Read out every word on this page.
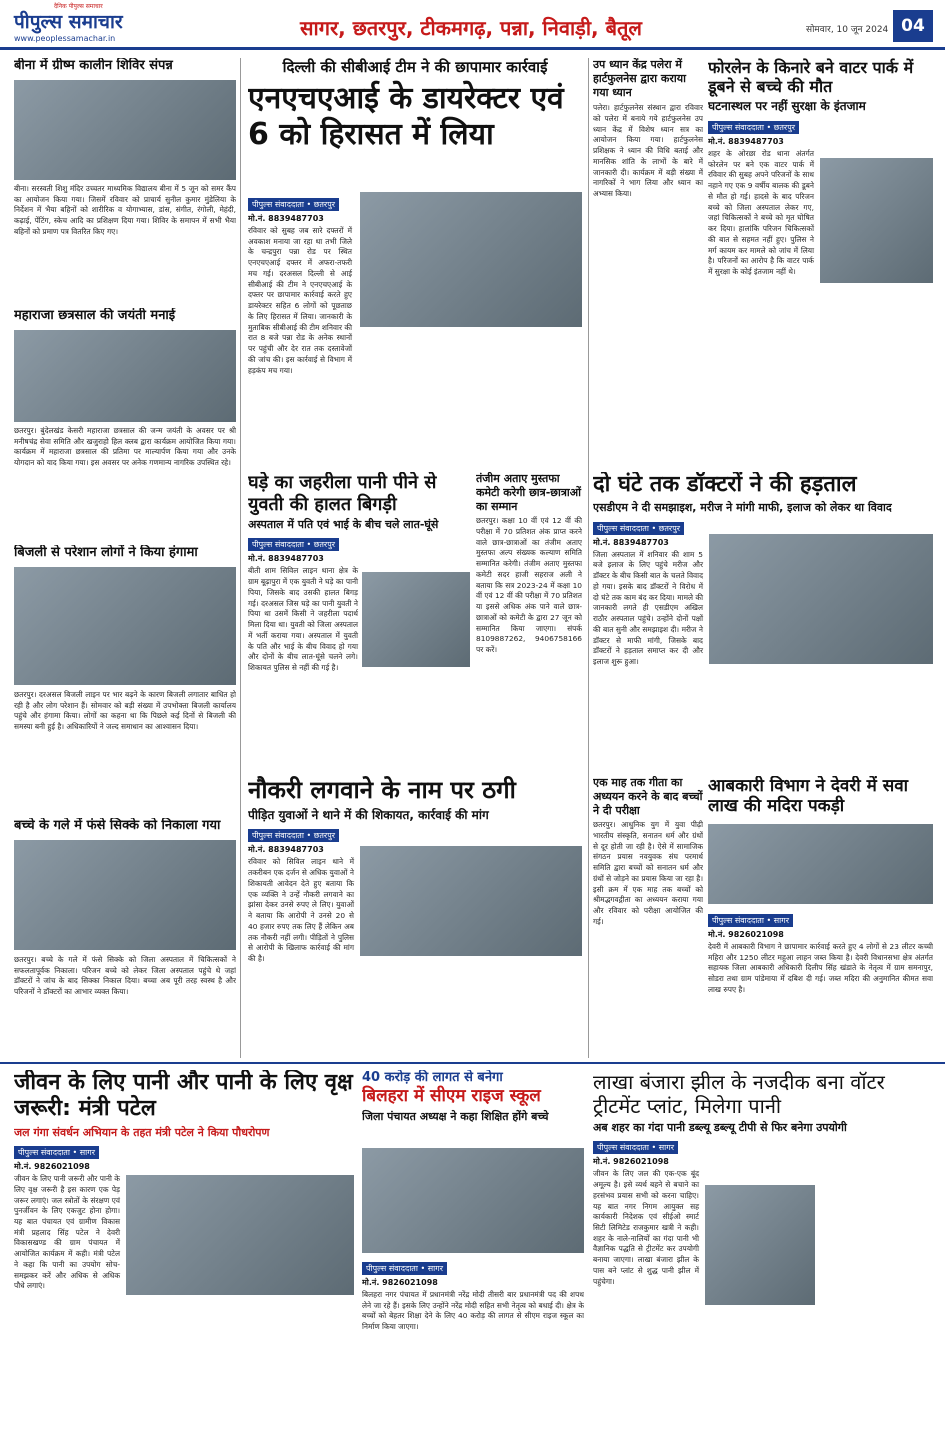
दैनिक पीपुल्स समाचार
पीपुल्स समाचार
www.peoplessamachar.in	सागर, छतरपुर, टीकमगढ़, पन्ना, निवाड़ी, बैतूल	सोमवार, 10 जून 2024 04
बीना में ग्रीष्म कालीन शिविर संपन्न
बीना। सरस्वती शिशु मंदिर उच्चतर माध्यमिक विद्यालय बीना में 5 जून को समर कैंप का आयोजन किया गया। जिसमें रविवार को प्राचार्य सुनील कुमार मुंडेलिया के निर्देशन में भैया बहिनों को शारीरिक व योगाभ्यास, डांस, संगीत, रंगोली, मेहंदी, कढ़ाई, पेंटिंग, स्केच आदि का प्रशिक्षण दिया गया। शिविर के समापन में सभी भैया बहिनों को प्रमाण पत्र वितरित किए गए।
महाराजा छत्रसाल की जयंती मनाई
छतरपुर। बुंदेलखंड केसरी महाराजा छत्रसाल की जन्म जयंती के अवसर पर श्री मनीषचंद्र सेवा समिति और खजुराहो हिल क्लब द्वारा कार्यक्रम आयोजित किया गया। कार्यक्रम में महाराजा छत्रसाल की प्रतिमा पर माल्यार्पण किया गया और उनके योगदान को याद किया गया। इस अवसर पर अनेक गणमान्य नागरिक उपस्थित रहे।
बिजली से परेशान लोगों ने किया हंगामा
छतरपुर। दरअसल बिजली लाइन पर भार बढ़ने के कारण बिजली लगातार बाधित हो रही है और लोग परेशान हैं। सोमवार को बड़ी संख्या में उपभोक्ता बिजली कार्यालय पहुंचे और हंगामा किया। लोगों का कहना था कि पिछले कई दिनों से बिजली की समस्या बनी हुई है। अधिकारियों ने जल्द समाधान का आश्वासन दिया।
बच्चे के गले में फंसे सिक्के को निकाला गया
छतरपुर। बच्चे के गले में फंसे सिक्के को जिला अस्पताल में चिकित्सकों ने सफलतापूर्वक निकाला। परिजन बच्चे को लेकर जिला अस्पताल पहुंचे थे जहां डॉक्टरों ने जांच के बाद सिक्का निकाल दिया। बच्चा अब पूरी तरह स्वस्थ है और परिजनों ने डॉक्टरों का आभार व्यक्त किया।
दिल्ली की सीबीआई टीम ने की छापामार कार्रवाई
एनएचएआई के डायरेक्टर एवं 6 को हिरासत में लिया
पीपुल्स संवाददाता • छतरपुर
मो.नं. 8839487703
रविवार को सुबह जब सारे दफ्तरों में अवकाश मनाया जा रहा था तभी जिले के चन्द्रपुरा पन्ना रोड पर स्थित एनएचएआई दफ्तर में अफरा-तफरी मच गई। दरअसल दिल्ली से आई सीबीआई की टीम ने एनएचएआई के दफ्तर पर छापामार कार्रवाई करते हुए डायरेक्टर सहित 6 लोगों को पूछताछ के लिए हिरासत में लिया। जानकारी के मुताबिक सीबीआई की टीम शनिवार की रात 8 बजे पन्ना रोड के अनेक स्थानों पर पहुंची और देर रात तक दस्तावेजों की जांच की। इस कार्रवाई से विभाग में हड़कंप मच गया।
उप ध्यान केंद्र पलेरा में हार्टफुलनेस द्वारा कराया गया ध्यान
पलेरा। हार्टफुलनेस संस्थान द्वारा रविवार को पलेरा में बनाये गये हार्टफुलनेस उप ध्यान केंद्र में विशेष ध्यान सत्र का आयोजन किया गया। हार्टफुलनेस प्रशिक्षक ने ध्यान की विधि बताई और मानसिक शांति के लाभों के बारे में जानकारी दी। कार्यक्रम में बड़ी संख्या में नागरिकों ने भाग लिया और ध्यान का अभ्यास किया।
फोरलेन के किनारे बने वाटर पार्क में डूबने से बच्चे की मौत
घटनास्थल पर नहीं सुरक्षा के इंतजाम
पीपुल्स संवाददाता • छतरपुर
मो.नं. 8839487703
शहर के ओरछा रोड थाना अंतर्गत फोरलेन पर बने एक वाटर पार्क में रविवार की सुबह अपने परिजनों के साथ नहाने गए एक 9 वर्षीय बालक की डूबने से मौत हो गई। हादसे के बाद परिजन बच्चे को जिला अस्पताल लेकर गए, जहां चिकित्सकों ने बच्चे को मृत घोषित कर दिया। हालांकि परिजन चिकित्सकों की बात से सहमत नहीं हुए। पुलिस ने मर्ग कायम कर मामले को जांच में लिया है। परिजनों का आरोप है कि वाटर पार्क में सुरक्षा के कोई इंतजाम नहीं थे।
घड़े का जहरीला पानी पीने से युवती की हालत बिगड़ी
अस्पताल में पति एवं भाई के बीच चले लात-घूंसे
पीपुल्स संवाददाता • छतरपुर
मो.नं. 8839487703
बीती शाम सिविल लाइन थाना क्षेत्र के ग्राम बूढ़ापुरा में एक युवती ने घड़े का पानी पिया, जिसके बाद उसकी हालत बिगड़ गई। दरअसल जिस घड़े का पानी युवती ने पिया था उसमें किसी ने जहरीला पदार्थ मिला दिया था। युवती को जिला अस्पताल में भर्ती कराया गया। अस्पताल में युवती के पति और भाई के बीच विवाद हो गया और दोनों के बीच लात-घूंसे चलने लगे। शिकायत पुलिस से नहीं की गई है।
तंजीम अताए मुस्तफा कमेटी करेगी छात्र-छात्राओं का सम्मान
छतरपुर। कक्षा 10 वीं एवं 12 वीं की परीक्षा में 70 प्रतिशत अंक प्राप्त करने वाले छात्र-छात्राओं का तंजीम अताए मुस्तफा अल्प संख्यक कल्याण समिति सम्मानित करेगी। तंजीम अताए मुस्तफा कमेटी सदर हाजी सहराज अली ने बताया कि सत्र 2023-24 में कक्षा 10 वीं एवं 12 वीं की परीक्षा में 70 प्रतिशत या इससे अधिक अंक पाने वाले छात्र-छात्राओं को कमेटी के द्वारा 27 जून को सम्मानित किया जाएगा। संपर्क 8109887262, 9406758166 पर करें।
दो घंटे तक डॉक्टरों ने की हड़ताल
एसडीएम ने दी समझाइश, मरीज ने मांगी माफी, इलाज को लेकर था विवाद
पीपुल्स संवाददाता • छतरपुर
मो.नं. 8839487703
जिला अस्पताल में शनिवार की शाम 5 बजे इलाज के लिए पहुंचे मरीज और डॉक्टर के बीच किसी बात के चलते विवाद हो गया। इसके बाद डॉक्टरों ने विरोध में दो घंटे तक काम बंद कर दिया। मामले की जानकारी लगते ही एसडीएम अखिल राठौर अस्पताल पहुंचे। उन्होंने दोनों पक्षों की बात सुनी और समझाइश दी। मरीज ने डॉक्टर से माफी मांगी, जिसके बाद डॉक्टरों ने हड़ताल समाप्त कर दी और इलाज शुरू हुआ।
नौकरी लगवाने के नाम पर ठगी
पीड़ित युवाओं ने थाने में की शिकायत, कार्रवाई की मांग
पीपुल्स संवाददाता • छतरपुर
मो.नं. 8839487703
रविवार को सिविल लाइन थाने में तकरीबन एक दर्जन से अधिक युवाओं ने शिकायती आवेदन देते हुए बताया कि एक व्यक्ति ने उन्हें नौकरी लगवाने का झांसा देकर उनसे रुपए ले लिए। युवाओं ने बताया कि आरोपी ने उनसे 20 से 40 हजार रुपए तक लिए हैं लेकिन अब तक नौकरी नहीं लगी। पीड़ितों ने पुलिस से आरोपी के खिलाफ कार्रवाई की मांग की है।
एक माह तक गीता का अध्ययन करने के बाद बच्चों ने दी परीक्षा
छतरपुर। आधुनिक युग में युवा पीढ़ी भारतीय संस्कृति, सनातन धर्म और ग्रंथों से दूर होती जा रही है। ऐसे में सामाजिक संगठन प्रयास नवयुवक संघ परमार्थ समिति द्वारा बच्चों को सनातन धर्म और ग्रंथों से जोड़ने का प्रयास किया जा रहा है। इसी क्रम में एक माह तक बच्चों को श्रीमद्भगवद्गीता का अध्ययन कराया गया और रविवार को परीक्षा आयोजित की गई।
आबकारी विभाग ने देवरी में सवा लाख की मदिरा पकड़ी
पीपुल्स संवाददाता • सागर
मो.नं. 9826021098
देवरी में आबकारी विभाग ने छापामार कार्रवाई करते हुए 4 लोगों से 23 लीटर कच्ची महिरा और 1250 लीटर महुआ लाहन जब्त किया है। देवरी विधानसभा क्षेत्र अंतर्गत सहायक जिला आबकारी अधिकारी दिलीप सिंह खंडाते के नेतृत्व में ग्राम समनापुर, सोडरा तथा ग्राम पांडेमाया में दबिश दी गई। जब्त मदिरा की अनुमानित कीमत सवा लाख रुपए है।
जीवन के लिए पानी और पानी के लिए वृक्ष जरूरी: मंत्री पटेल
जल गंगा संवर्धन अभियान के तहत मंत्री पटेल ने किया पौधरोपण
पीपुल्स संवाददाता • सागर
मो.नं. 9826021098
जीवन के लिए पानी जरूरी और पानी के लिए वृक्ष जरूरी है इस कारण एक पेड़ जरूर लगाएं। जल स्त्रोतों के संरक्षण एवं पुनर्जीवन के लिए एकजुट होना होगा। यह बात पंचायत एवं ग्रामीण विकास मंत्री प्रहलाद सिंह पटेल ने देवरी विकासखण्ड की ग्राम पंचायत में आयोजित कार्यक्रम में कही। मंत्री पटेल ने कहा कि पानी का उपयोग सोच-समझकर करें और अधिक से अधिक पौधे लगाएं।
40 करोड़ की लागत से बनेगा
बिलहरा में सीएम राइज स्कूल
जिला पंचायत अध्यक्ष ने कहा शिक्षित होंगे बच्चे
पीपुल्स संवाददाता • सागर
मो.नं. 9826021098
बिलहरा नगर पंचायत में प्रधानमंत्री नरेंद्र मोदी तीसरी बार प्रधानमंत्री पद की शपथ लेने जा रहे हैं। इसके लिए उन्होंने नरेंद्र मोदी सहित सभी नेतृत्व को बधाई दी। क्षेत्र के बच्चों को बेहतर शिक्षा देने के लिए 40 करोड़ की लागत से सीएम राइज स्कूल का निर्माण किया जाएगा।
लाखा बंजारा झील के नजदीक बना वॉटर ट्रीटमेंट प्लांट, मिलेगा पानी
अब शहर का गंदा पानी डब्ल्यू डब्ल्यू टीपी से फिर बनेगा उपयोगी
पीपुल्स संवाददाता • सागर
मो.नं. 9826021098
जीवन के लिए जल की एक-एक बूंद अमूल्य है। इसे व्यर्थ बहने से बचाने का हरसंभव प्रयास सभी को करना चाहिए। यह बात नगर निगम आयुक्त सह कार्यकारी निदेशक एवं सीईओ स्मार्ट सिटी लिमिटेड राजकुमार खत्री ने कही। शहर के नाले-नालियों का गंदा पानी भी वैज्ञानिक पद्धति से ट्रीटमेंट कर उपयोगी बनाया जाएगा। लाखा बंजारा झील के पास बने प्लांट से शुद्ध पानी झील में पहुंचेगा।
